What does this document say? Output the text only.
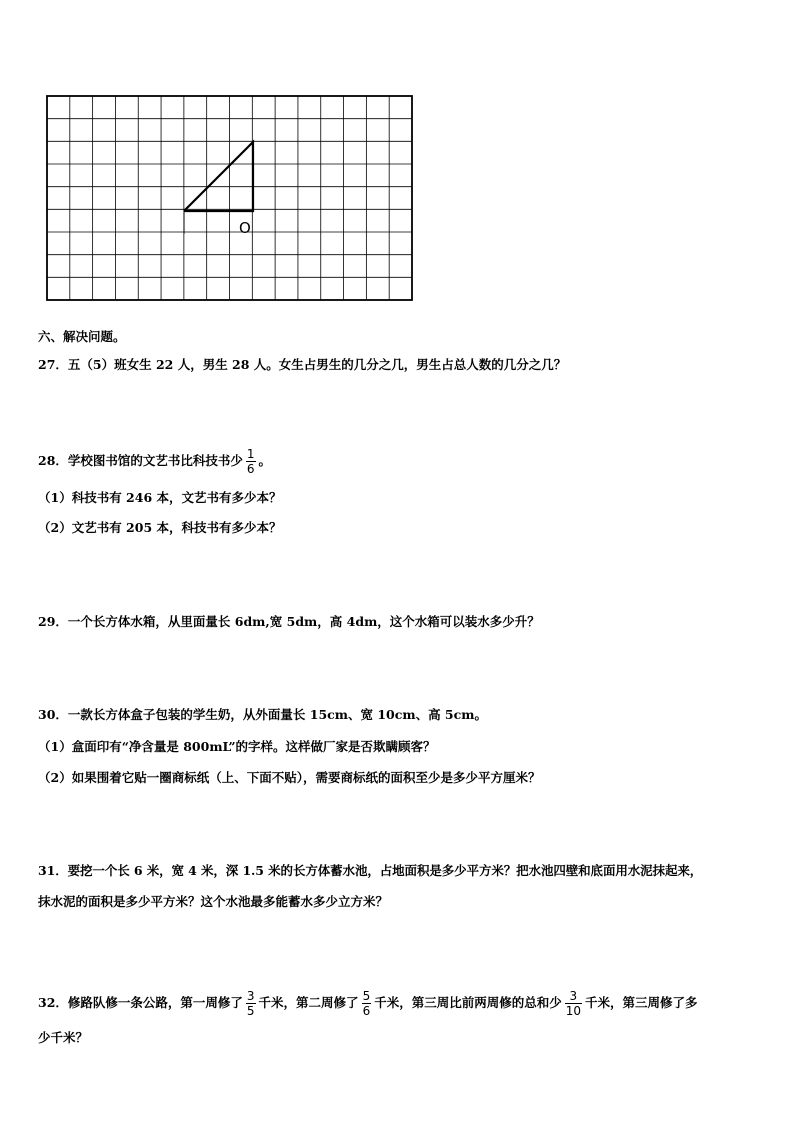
O
六、解决问题。
27．五（5）班女生 22 人，男生 28 人。女生占男生的几分之几，男生占总人数的几分之几？
28．学校图书馆的文艺书比科技书少 $\frac{1}{6}$ 。
（1）科技书有 246 本，文艺书有多少本？
（2）文艺书有 205 本，科技书有多少本？
29．一个长方体水箱，从里面量长 6dm,宽 5dm，高 4dm，这个水箱可以装水多少升？
30．一款长方体盒子包装的学生奶，从外面量长 15cm、宽 10cm、高 5cm。
（1）盒面印有“净含量是 800mL”的字样。这样做厂家是否欺瞒顾客？
（2）如果围着它贴一圈商标纸（上、下面不贴），需要商标纸的面积至少是多少平方厘米？
31．要挖一个长 6 米，宽 4 米，深 1.5 米的长方体蓄水池，占地面积是多少平方米？把水池四壁和底面用水泥抹起来，
抹水泥的面积是多少平方米？这个水池最多能蓄水多少立方米？
32．修路队修一条公路，第一周修了 $\frac{3}{5}$ 千米，第二周修了 $\frac{5}{6}$ 千米，第三周比前两周修的总和少 $\frac{3}{10}$ 千米，第三周修了多
少千米？
